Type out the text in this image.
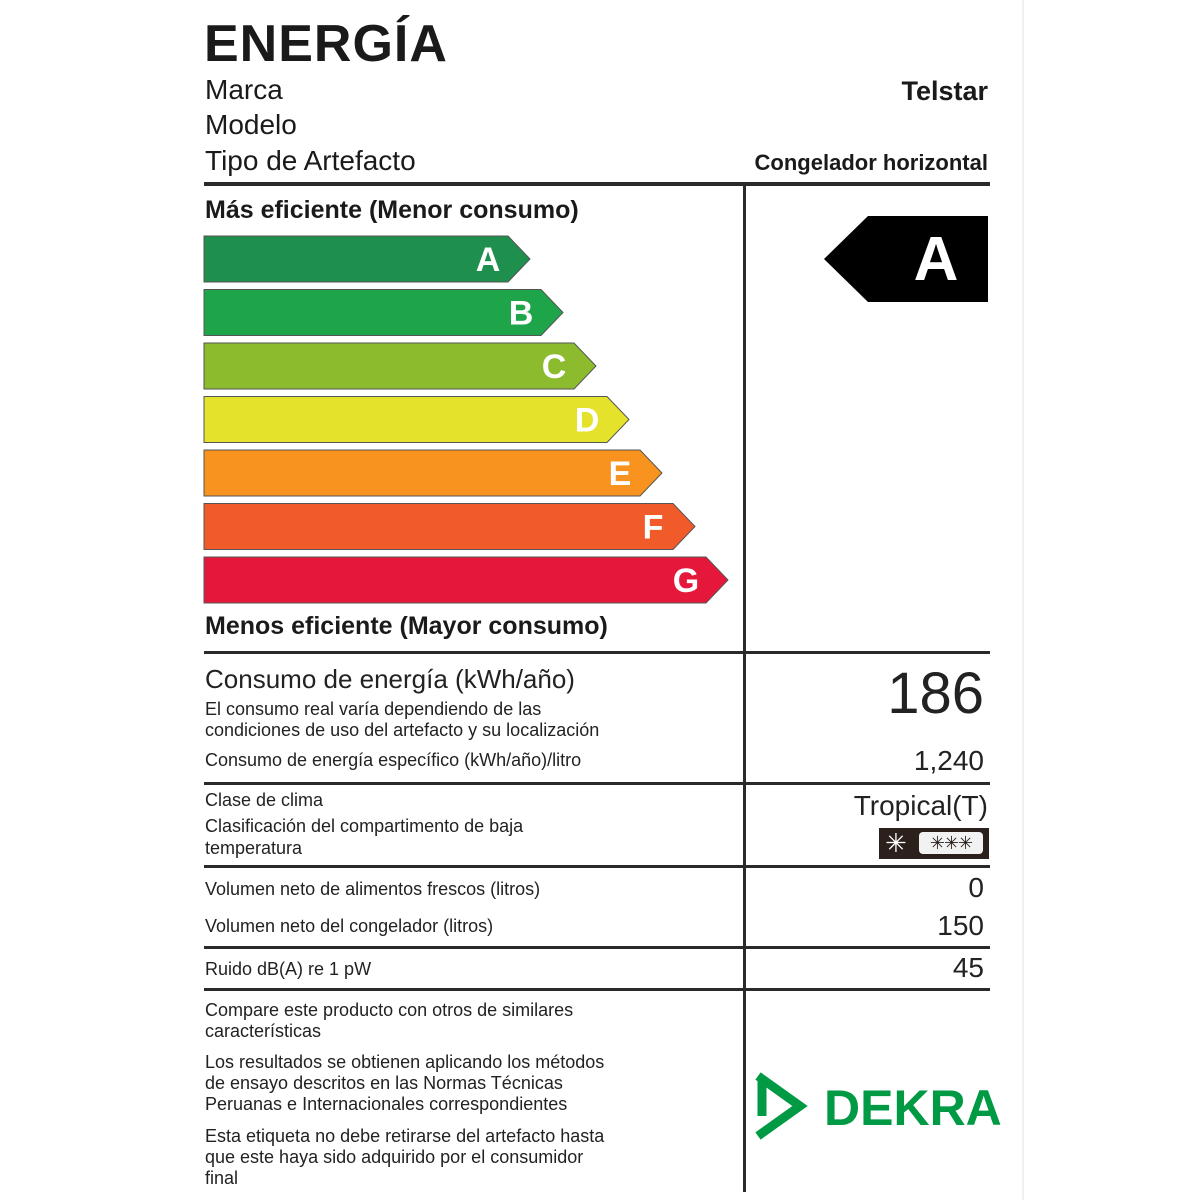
ENERGÍA
Marca	Telstar
Modelo
Tipo de Artefacto	Congelador horizontal
Más eficiente (Menor consumo)
A
B
C
D
E
F
G
Menos eficiente (Mayor consumo)
A
Consumo de energía (kWh/año)	186
El consumo real varía dependiendo de las
condiciones de uso del artefacto y su localización
Consumo de energía específico (kWh/año)/litro	1,240
Clase de clima	Tropical(T)
Clasificación del compartimento de baja
temperatura	✳	✳✳✳
Volumen neto de alimentos frescos (litros)	0
Volumen neto del congelador (litros)	150
Ruido dB(A) re 1 pW	45
Compare este producto con otros de similares
características
Los resultados se obtienen aplicando los métodos
de ensayo descritos en las Normas Técnicas
Peruanas e Internacionales correspondientes
Esta etiqueta no debe retirarse del artefacto hasta
que este haya sido adquirido por el consumidor
final
DEKRA
